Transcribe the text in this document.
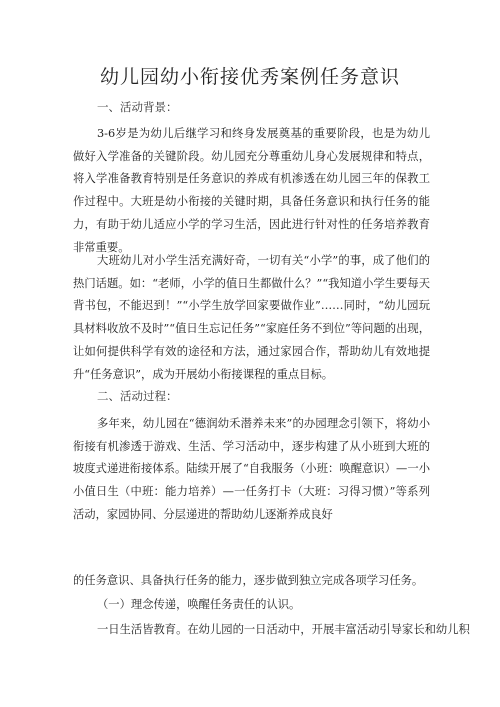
幼儿园幼小衔接优秀案例任务意识
一、活动背景：

3-6岁是为幼儿后继学习和终身发展奠基的重要阶段，也是为幼儿做好入学准备的关键阶段。幼儿园充分尊重幼儿身心发展规律和特点，将入学准备教育特别是任务意识的养成有机渗透在幼儿园三年的保教工作过程中。大班是幼小衔接的关键时期，具备任务意识和执行任务的能力，有助于幼儿适应小学的学习生活，因此进行针对性的任务培养教育非常重要。

大班幼儿对小学生活充满好奇，一切有关“小学”的事，成了他们的热门话题。如：“老师，小学的值日生都做什么？”“我知道小学生要每天背书包，不能迟到！”“小学生放学回家要做作业”……同时，“幼儿园玩具材料收放不及时”“值日生忘记任务”“家庭任务不到位”等问题的出现，让如何提供科学有效的途径和方法，通过家园合作，帮助幼儿有效地提升“任务意识”，成为开展幼小衔接课程的重点目标。

二、活动过程：

多年来，幼儿园在“德润幼禾潜养未来”的办园理念引领下，将幼小衔接有机渗透于游戏、生活、学习活动中，逐步构建了从小班到大班的坡度式递进衔接体系。陆续开展了“自我服务（小班：唤醒意识）—一小小值日生（中班：能力培养）—一任务打卡（大班：习得习惯）”等系列活动，家园协同、分层递进的帮助幼儿逐渐养成良好

的任务意识、具备执行任务的能力，逐步做到独立完成各项学习任务。
（一）理念传递，唤醒任务责任的认识。
一日生活皆教育。在幼儿园的一日活动中，开展丰富活动引导家长和幼儿积
